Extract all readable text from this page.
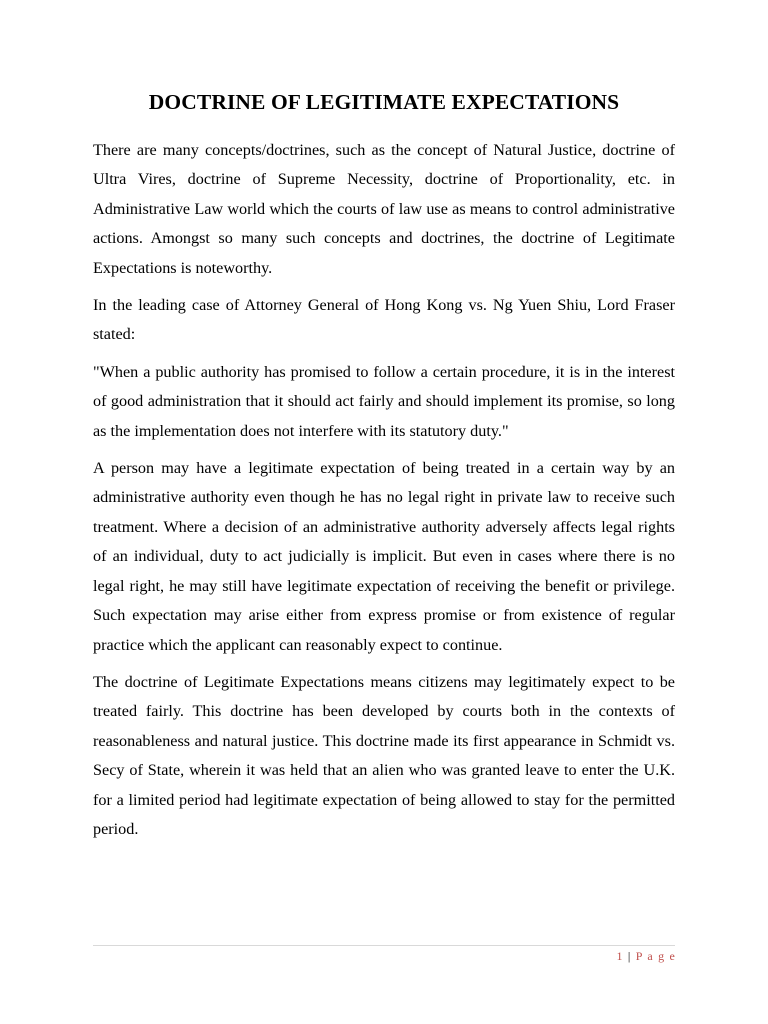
DOCTRINE OF LEGITIMATE EXPECTATIONS

There are many concepts/doctrines, such as the concept of Natural Justice, doctrine of Ultra Vires, doctrine of Supreme Necessity, doctrine of Proportionality, etc. in Administrative Law world which the courts of law use as means to control administrative actions. Amongst so many such concepts and doctrines, the doctrine of Legitimate Expectations is noteworthy.

In the leading case of Attorney General of Hong Kong vs. Ng Yuen Shiu, Lord Fraser stated:

"When a public authority has promised to follow a certain procedure, it is in the interest of good administration that it should act fairly and should implement its promise, so long as the implementation does not interfere with its statutory duty."

A person may have a legitimate expectation of being treated in a certain way by an administrative authority even though he has no legal right in private law to receive such treatment. Where a decision of an administrative authority adversely affects legal rights of an individual, duty to act judicially is implicit. But even in cases where there is no legal right, he may still have legitimate expectation of receiving the benefit or privilege. Such expectation may arise either from express promise or from existence of regular practice which the applicant can reasonably expect to continue.

The doctrine of Legitimate Expectations means citizens may legitimately expect to be treated fairly. This doctrine has been developed by courts both in the contexts of reasonableness and natural justice. This doctrine made its first appearance in Schmidt vs. Secy of State, wherein it was held that an alien who was granted leave to enter the U.K. for a limited period had legitimate expectation of being allowed to stay for the permitted period.

1 | P a g e
